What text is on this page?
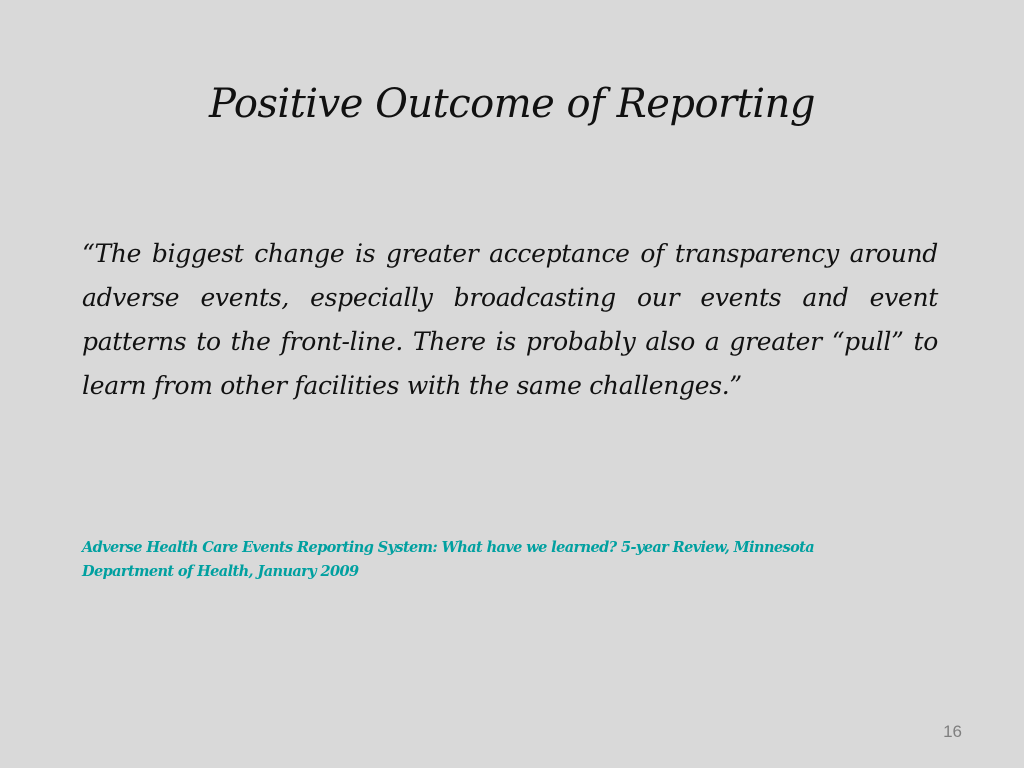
Positive Outcome of Reporting
“The biggest change is greater acceptance of transparency around adverse events, especially broadcasting our events and event patterns to the front-line. There is probably also a greater “pull” to learn from other facilities with the same challenges.”
Adverse Health Care Events Reporting System: What have we learned? 5-year Review, Minnesota Department of Health, January 2009
16
